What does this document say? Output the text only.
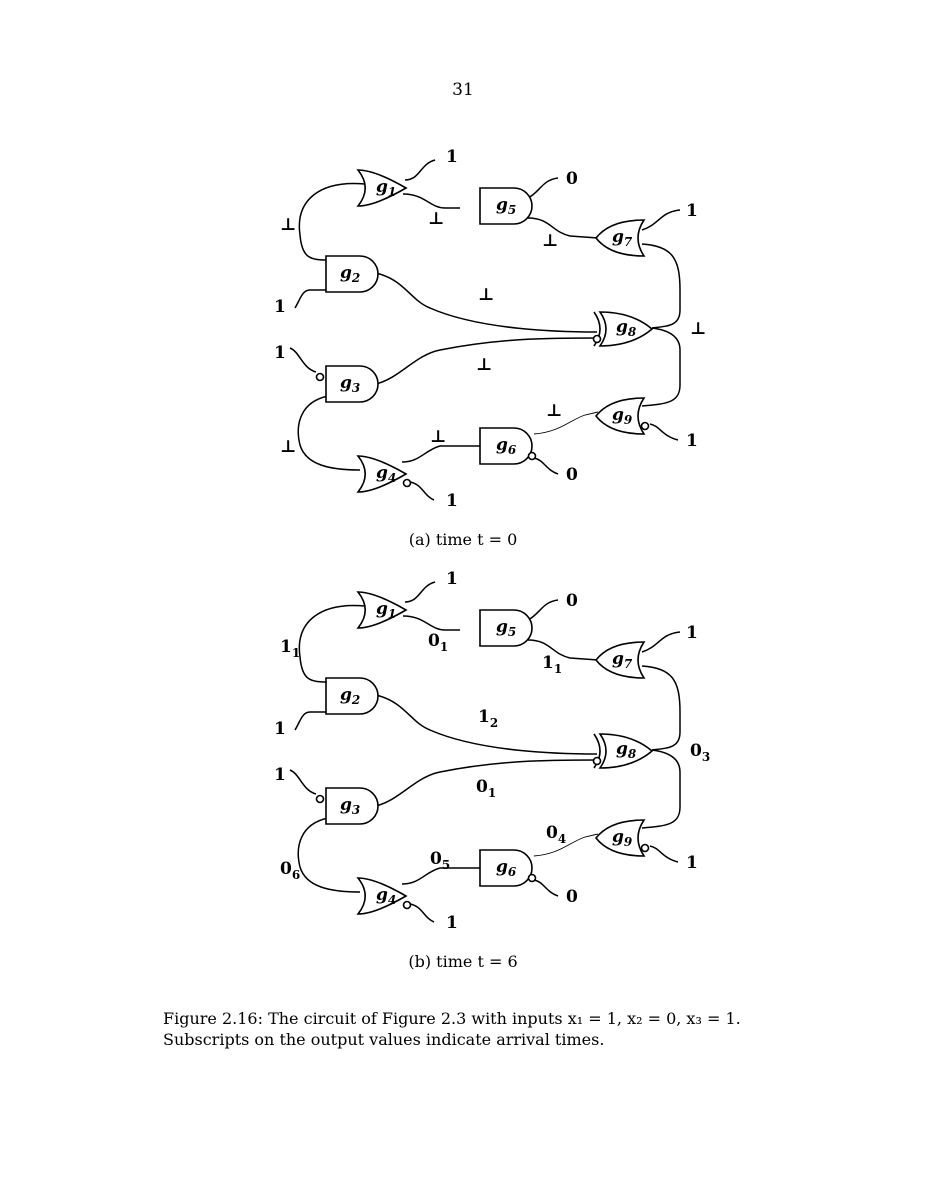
31
$g_1$
$g_2$
$g_3$
$g_4$
$g_5$
$g_6$
$g_7$
$g_8$
$g_9$
1
1
1
1
0
0
1
1
⊥	⊥
⊥
⊥
⊥
⊥
⊥
⊥
⊥
(a) time t = 0
$g_1$
$g_2$
$g_3$
$g_4$
$g_5$
$g_6$
$g_7$
$g_8$
$g_9$
1
1
1
1
0
0
1
1
$1_1$
$0_1$
$1_1$
$1_2$
$0_3$
$0_1$
$0_4$
$0_5$
$0_6$
(b) time t = 6
Figure 2.16: The circuit of Figure 2.3 with inputs x₁ = 1, x₂ = 0, x₃ = 1. Subscripts on the output values indicate arrival times.
